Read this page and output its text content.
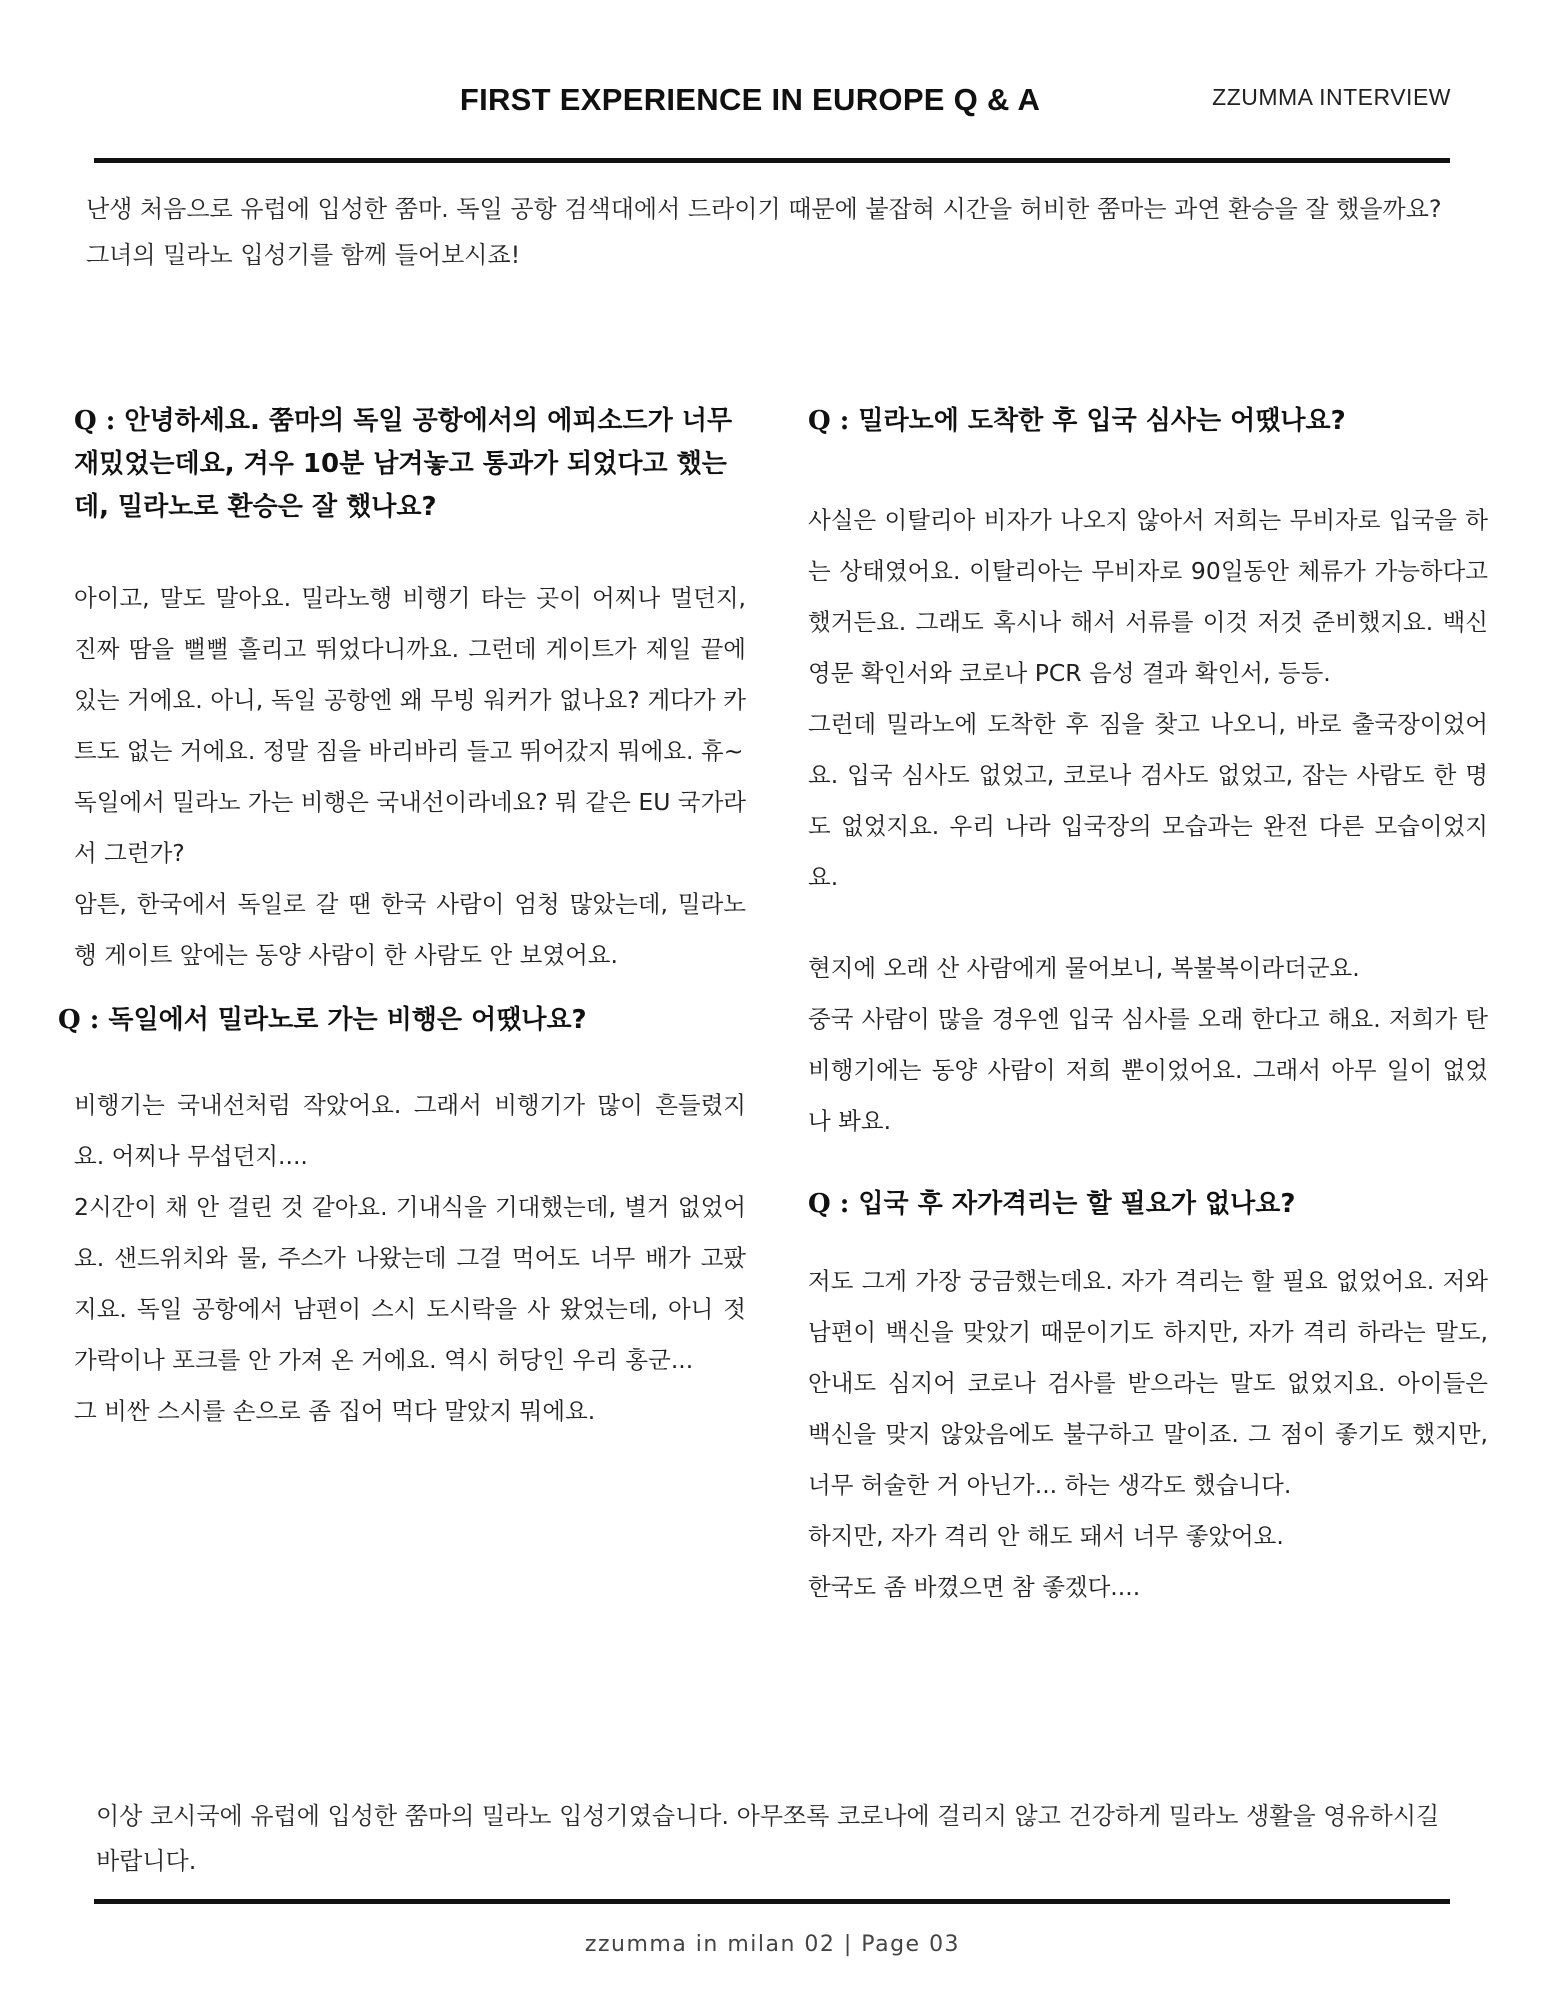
FIRST EXPERIENCE IN EUROPE Q & A	ZZUMMA INTERVIEW

난생 처음으로 유럽에 입성한 쭘마. 독일 공항 검색대에서 드라이기 때문에 붙잡혀 시간을 허비한 쭘마는 과연 환승을 잘 했을까요? 그녀의 밀라노 입성기를 함께 들어보시죠!

Q : 안녕하세요. 쭘마의 독일 공항에서의 에피소드가 너무 재밌었는데요, 겨우 10분 남겨놓고 통과가 되었다고 했는데, 밀라노로 환승은 잘 했나요?

아이고, 말도 말아요. 밀라노행 비행기 타는 곳이 어찌나 멀던지, 진짜 땀을 뻘뻘 흘리고 뛰었다니까요. 그런데 게이트가 제일 끝에 있는 거에요. 아니, 독일 공항엔 왜 무빙 워커가 없나요? 게다가 카트도 없는 거에요. 정말 짐을 바리바리 들고 뛰어갔지 뭐에요. 휴~

독일에서 밀라노 가는 비행은 국내선이라네요? 뭐 같은 EU 국가라서 그런가?

암튼, 한국에서 독일로 갈 땐 한국 사람이 엄청 많았는데, 밀라노행 게이트 앞에는 동양 사람이 한 사람도 안 보였어요.

Q : 독일에서 밀라노로 가는 비행은 어땠나요?

비행기는 국내선처럼 작았어요. 그래서 비행기가 많이 흔들렸지요. 어찌나 무섭던지....

2시간이 채 안 걸린 것 같아요. 기내식을 기대했는데, 별거 없었어요. 샌드위치와 물, 주스가 나왔는데 그걸 먹어도 너무 배가 고팠지요. 독일 공항에서 남편이 스시 도시락을 사 왔었는데, 아니 젓가락이나 포크를 안 가져 온 거에요. 역시 허당인 우리 홍군...

그 비싼 스시를 손으로 좀 집어 먹다 말았지 뭐에요.

Q : 밀라노에 도착한 후 입국 심사는 어땠나요?

사실은 이탈리아 비자가 나오지 않아서 저희는 무비자로 입국을 하는 상태였어요. 이탈리아는 무비자로 90일동안 체류가 가능하다고 했거든요. 그래도 혹시나 해서 서류를 이것 저것 준비했지요. 백신 영문 확인서와 코로나 PCR 음성 결과 확인서, 등등.

그런데 밀라노에 도착한 후 짐을 찾고 나오니, 바로 출국장이었어요. 입국 심사도 없었고, 코로나 검사도 없었고, 잡는 사람도 한 명도 없었지요. 우리 나라 입국장의 모습과는 완전 다른 모습이었지요.

현지에 오래 산 사람에게 물어보니, 복불복이라더군요.

중국 사람이 많을 경우엔 입국 심사를 오래 한다고 해요. 저희가 탄 비행기에는 동양 사람이 저희 뿐이었어요. 그래서 아무 일이 없었나 봐요.

Q : 입국 후 자가격리는 할 필요가 없나요?

저도 그게 가장 궁금했는데요. 자가 격리는 할 필요 없었어요. 저와 남편이 백신을 맞았기 때문이기도 하지만, 자가 격리 하라는 말도, 안내도 심지어 코로나 검사를 받으라는 말도 없었지요. 아이들은 백신을 맞지 않았음에도 불구하고 말이죠. 그 점이 좋기도 했지만, 너무 허술한 거 아닌가... 하는 생각도 했습니다.

하지만, 자가 격리 안 해도 돼서 너무 좋았어요.

한국도 좀 바꼈으면 참 좋겠다....

이상 코시국에 유럽에 입성한 쭘마의 밀라노 입성기였습니다. 아무쪼록 코로나에 걸리지 않고 건강하게 밀라노 생활을 영유하시길 바랍니다.

zzumma in milan 02 | Page 03
